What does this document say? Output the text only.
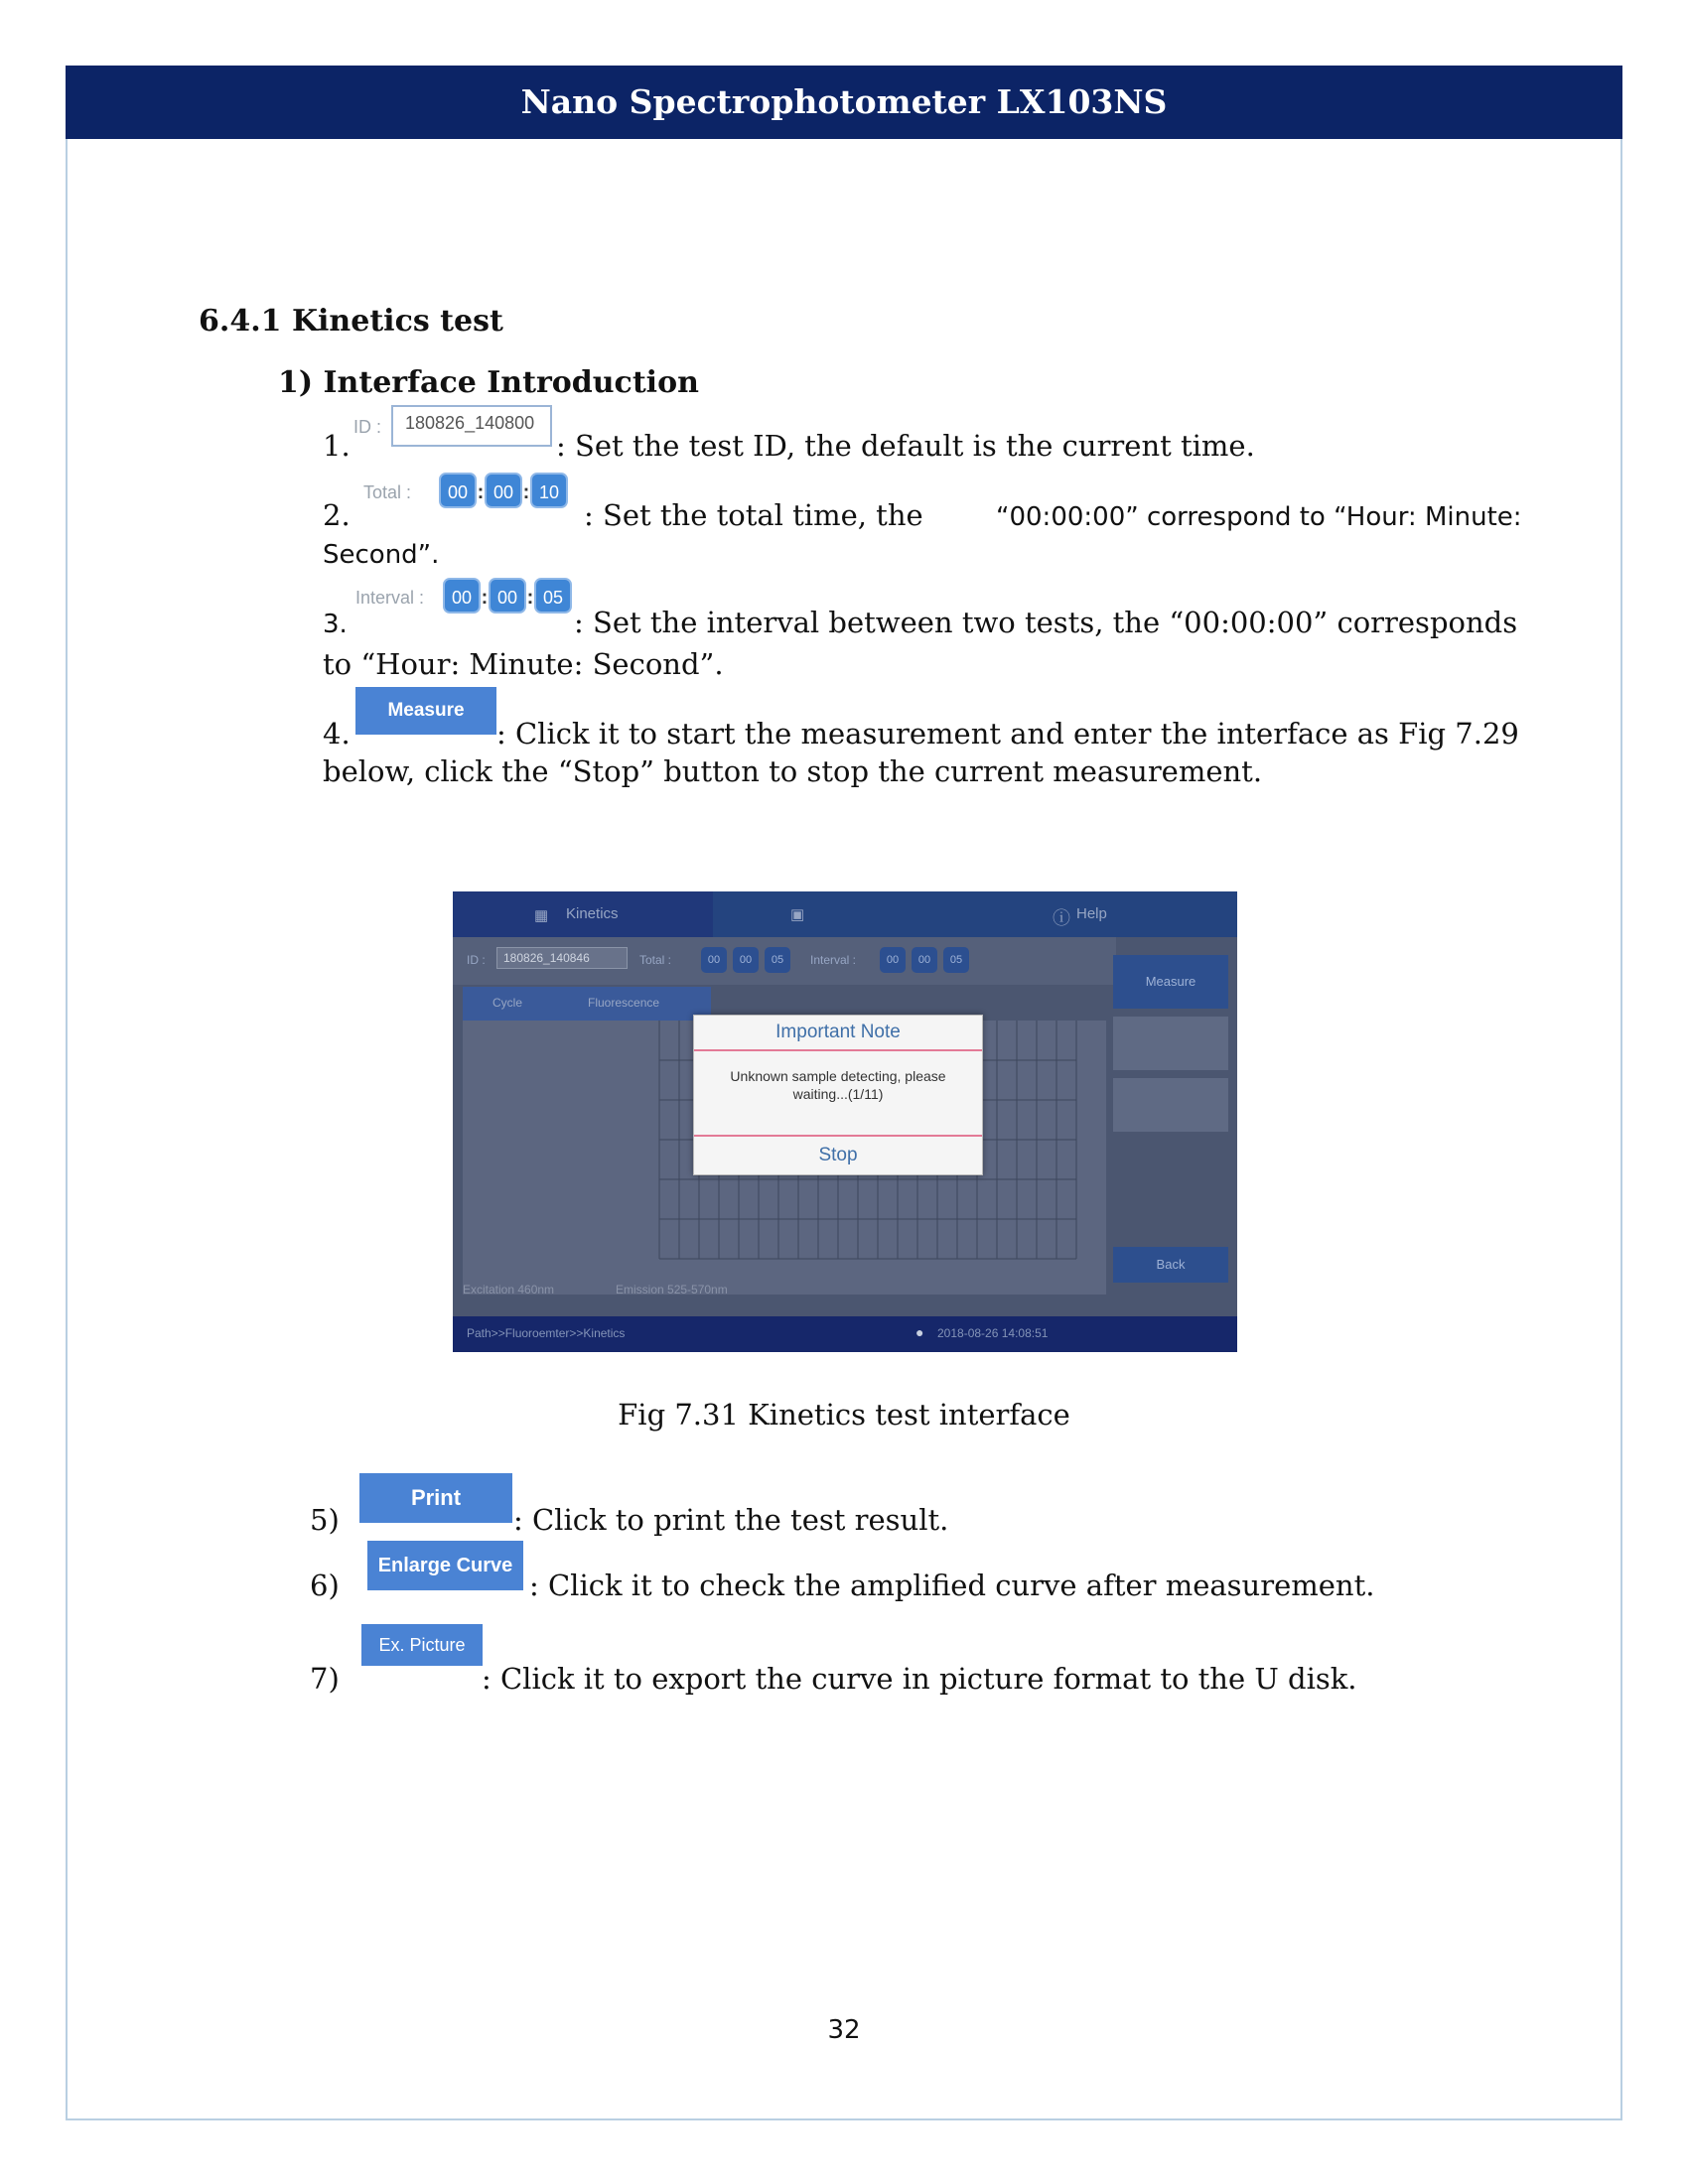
Nano Spectrophotometer LX103NS
6.4.1 Kinetics test
1) Interface Introduction
1.
ID :	180826_140800
: Set the test ID, the default is the current time.
2.
Total :	00 : 00 : 10
: Set the total time, the	“00:00:00” correspond to “Hour: Minute:
Second”.
3.
Interval :	00 : 00 : 05
: Set the interval between two tests, the “00:00:00” corresponds
to “Hour: Minute: Second”.
4.
Measure
: Click it to start the measurement and enter the interface as Fig 7.29
below, click the “Stop” button to stop the current measurement.
▦ Kinetics	▣	ⓘ Help
ID :	180826_140846	Total :	00	00	05	Interval :	00	00	05
Cycle	Fluorescence
Measure
Back
Excitation 460nm	Emission 525-570nm
Path>>Fluoroemter>>Kinetics	● 2018-08-26 14:08:51
Important Note
Unknown sample detecting, please waiting...(1/11)
Stop
Fig 7.31 Kinetics test interface
5)
Print
: Click to print the test result.
6)
Enlarge Curve
: Click it to check the amplified curve after measurement.
7)
Ex. Picture
: Click it to export the curve in picture format to the U disk.
32
